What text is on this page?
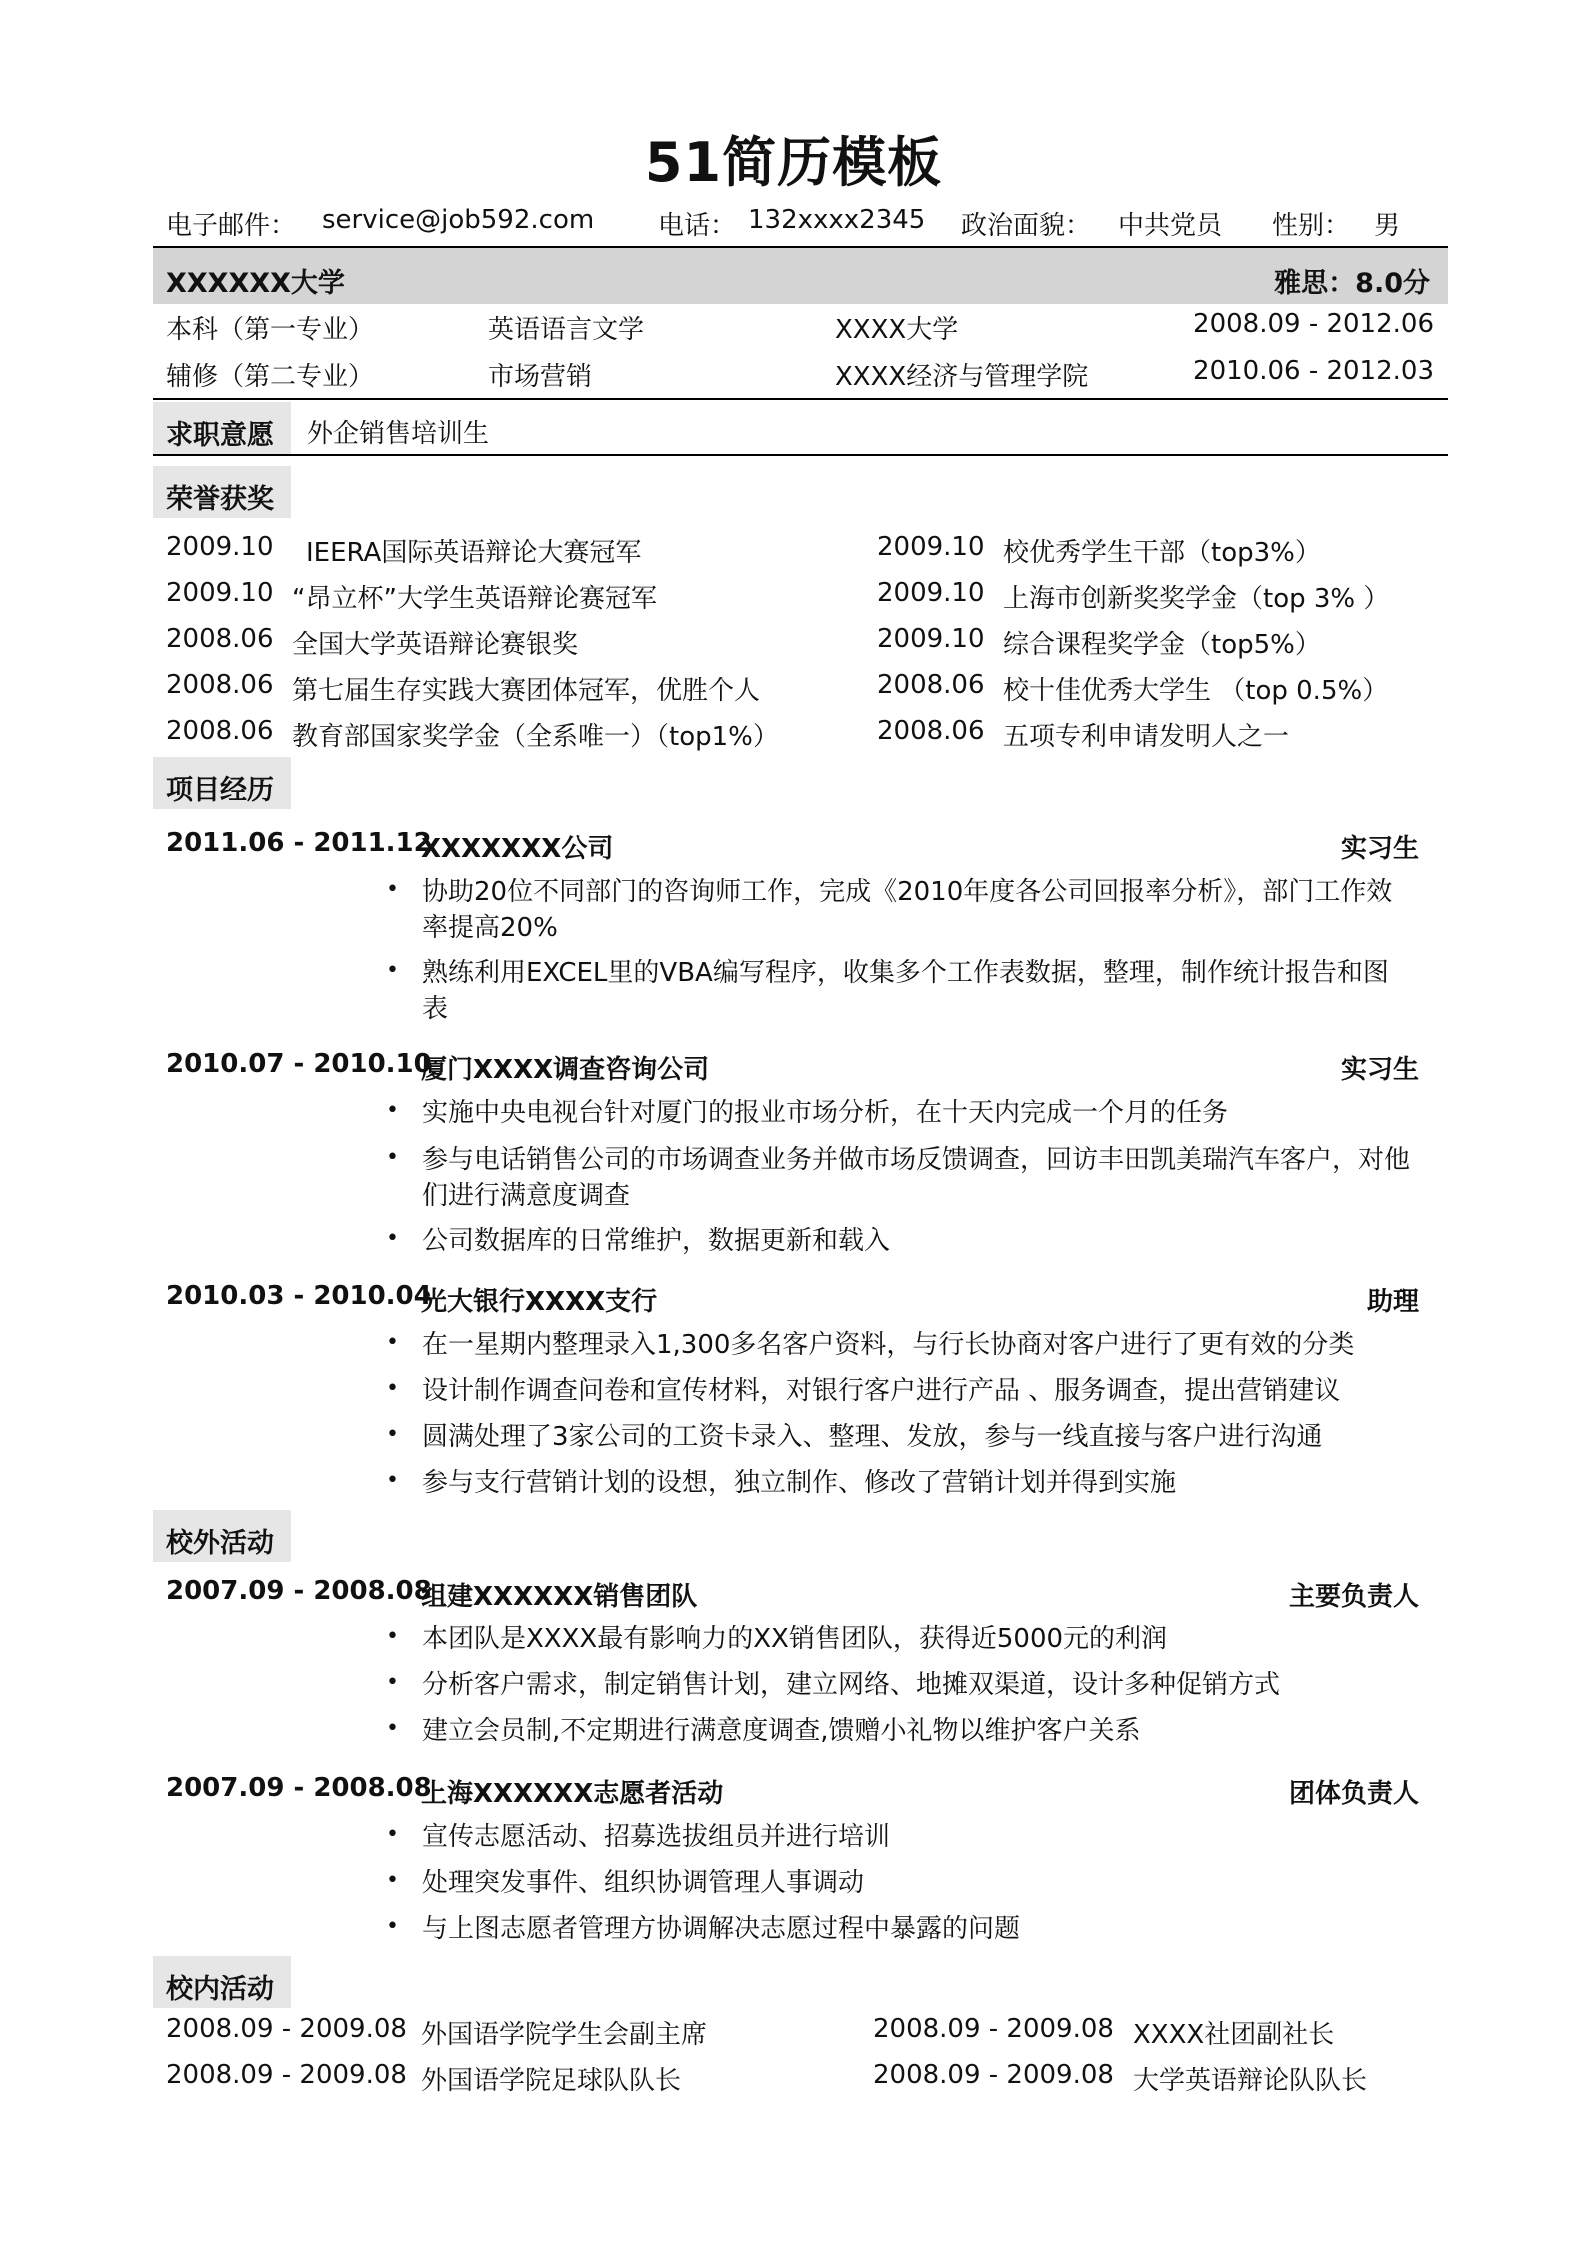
51简历模板
电子邮件： service@job592.com 电话： 132xxxx2345 政治面貌： 中共党员 性别： 男
XXXXXX大学	雅思：8.0分
本科（第一专业）	英语语言文学	XXXX大学	2008.09 - 2012.06
辅修（第二专业）	市场营销	XXXX经济与管理学院	2010.06 - 2012.03
求职意愿 外企销售培训生
荣誉获奖
2009.10 IEERA国际英语辩论大赛冠军
2009.10 “昂立杯”大学生英语辩论赛冠军
2008.06 全国大学英语辩论赛银奖
2008.06 第七届生存实践大赛团体冠军，优胜个人
2008.06 教育部国家奖学金（全系唯一）（top1%）
2009.10 校优秀学生干部（top3%）
2009.10 上海市创新奖奖学金（top 3% ）
2009.10 综合课程奖学金（top5%）
2008.06 校十佳优秀大学生 （top 0.5%）
2008.06 五项专利申请发明人之一
项目经历
2011.06 - 2011.12
XXXXXXX公司	实习生
• 协助20位不同部门的咨询师工作，完成《2010年度各公司回报率分析》，部门工作效
率提高20%
• 熟练利用EXCEL里的VBA编写程序，收集多个工作表数据，整理，制作统计报告和图
表
2010.07 - 2010.10
厦门XXXX调查咨询公司	实习生
• 实施中央电视台针对厦门的报业市场分析，在十天内完成一个月的任务
• 参与电话销售公司的市场调查业务并做市场反馈调查，回访丰田凯美瑞汽车客户，对他
们进行满意度调查
• 公司数据库的日常维护，数据更新和载入
2010.03 - 2010.04
光大银行XXXX支行	助理
• 在一星期内整理录入1,300多名客户资料，与行长协商对客户进行了更有效的分类
• 设计制作调查问卷和宣传材料，对银行客户进行产品 、服务调查，提出营销建议
• 圆满处理了3家公司的工资卡录入、整理、发放，参与一线直接与客户进行沟通
• 参与支行营销计划的设想，独立制作、修改了营销计划并得到实施
校外活动
2007.09 - 2008.08
组建XXXXXX销售团队	主要负责人
• 本团队是XXXX最有影响力的XX销售团队，获得近5000元的利润
• 分析客户需求，制定销售计划，建立网络、地摊双渠道，设计多种促销方式
• 建立会员制,不定期进行满意度调查,馈赠小礼物以维护客户关系
2007.09 - 2008.08
上海XXXXXX志愿者活动	团体负责人
• 宣传志愿活动、招募选拔组员并进行培训
• 处理突发事件、组织协调管理人事调动
• 与上图志愿者管理方协调解决志愿过程中暴露的问题
校内活动
2008.09 - 2009.08 外国语学院学生会副主席	2008.09 - 2009.08 XXXX社团副社长
2008.09 - 2009.08 外国语学院足球队队长	2008.09 - 2009.08 大学英语辩论队队长
